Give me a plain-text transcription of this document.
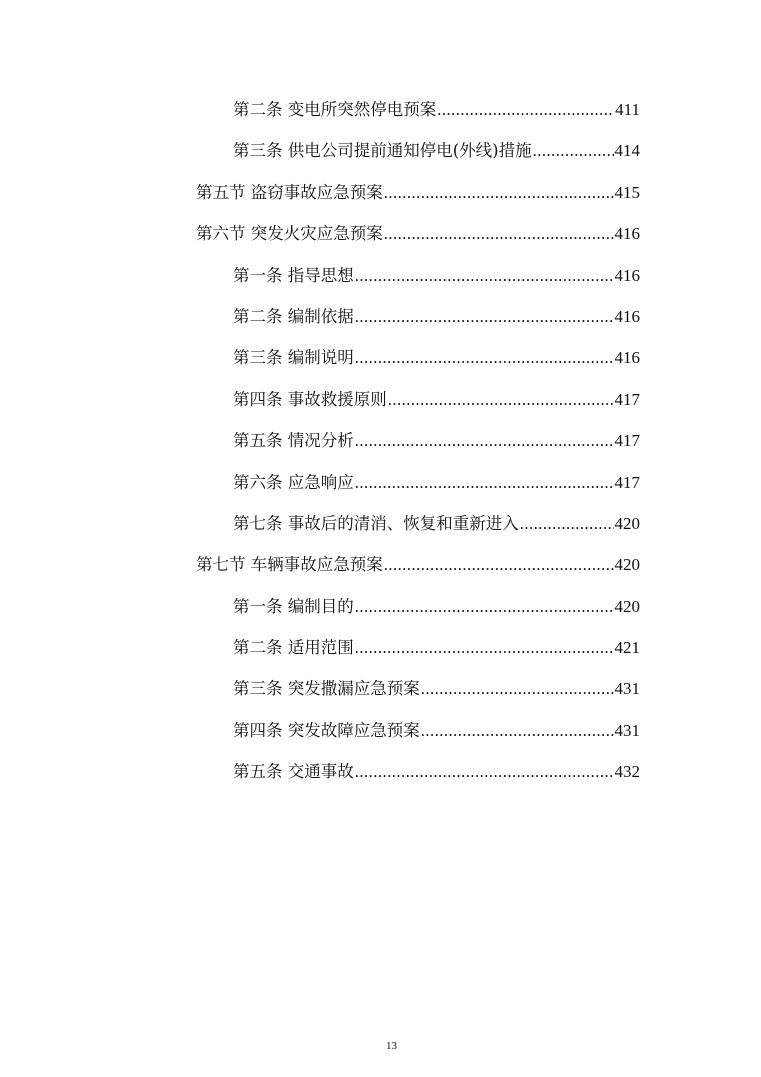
第二条 变电所突然停电预案 .....	411
第三条 供电公司提前通知停电(外线)措施 .....	414
第五节 盗窃事故应急预案 .....	415
第六节 突发火灾应急预案 .....	416
第一条 指导思想 .....	416
第二条 编制依据 .....	416
第三条 编制说明 .....	416
第四条 事故救援原则 .....	417
第五条 情况分析 .....	417
第六条 应急响应 .....	417
第七条 事故后的清消、恢复和重新进入 .....	420
第七节 车辆事故应急预案 .....	420
第一条 编制目的 .....	420
第二条 适用范围 .....	421
第三条 突发撒漏应急预案 .....	431
第四条 突发故障应急预案 .....	431
第五条 交通事故 .....	432
13
